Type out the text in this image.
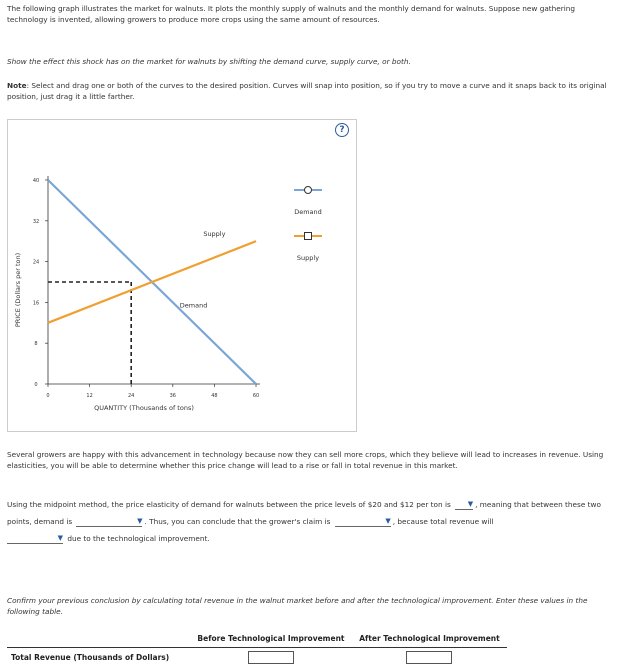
The following graph illustrates the market for walnuts. It plots the monthly supply of walnuts and the monthly demand for walnuts. Suppose new gathering technology is invented, allowing growers to produce more crops using the same amount of resources.
Show the effect this shock has on the market for walnuts by shifting the demand curve, supply curve, or both.
Note: Select and drag one or both of the curves to the desired position. Curves will snap into position, so if you try to move a curve and it snaps back to its original position, just drag it a little farther.
?
0	12	24	36	48	60
0
8
16
24
32
40
QUANTITY (Thousands of tons)
PRICE (Dollars per ton)	Demand
Supply
Demand
Supply
Several growers are happy with this advancement in technology because now they can sell more crops, which they believe will lead to increases in revenue. Using elasticities, you will be able to determine whether this price change will lead to a rise or fall in total revenue in this market.
Using the midpoint method, the price elasticity of demand for walnuts between the price levels of $20 and $12 per ton is ▼ , meaning that between these two points, demand is	▼ . Thus, you can conclude that the grower's claim is	▼ , because total revenue will

▼ due to the technological improvement.
Confirm your previous conclusion by calculating total revenue in the walnut market before and after the technological improvement. Enter these values in the following table.
	Before Technological Improvement	After Technological Improvement
Total Revenue (Thousands of Dollars)	
